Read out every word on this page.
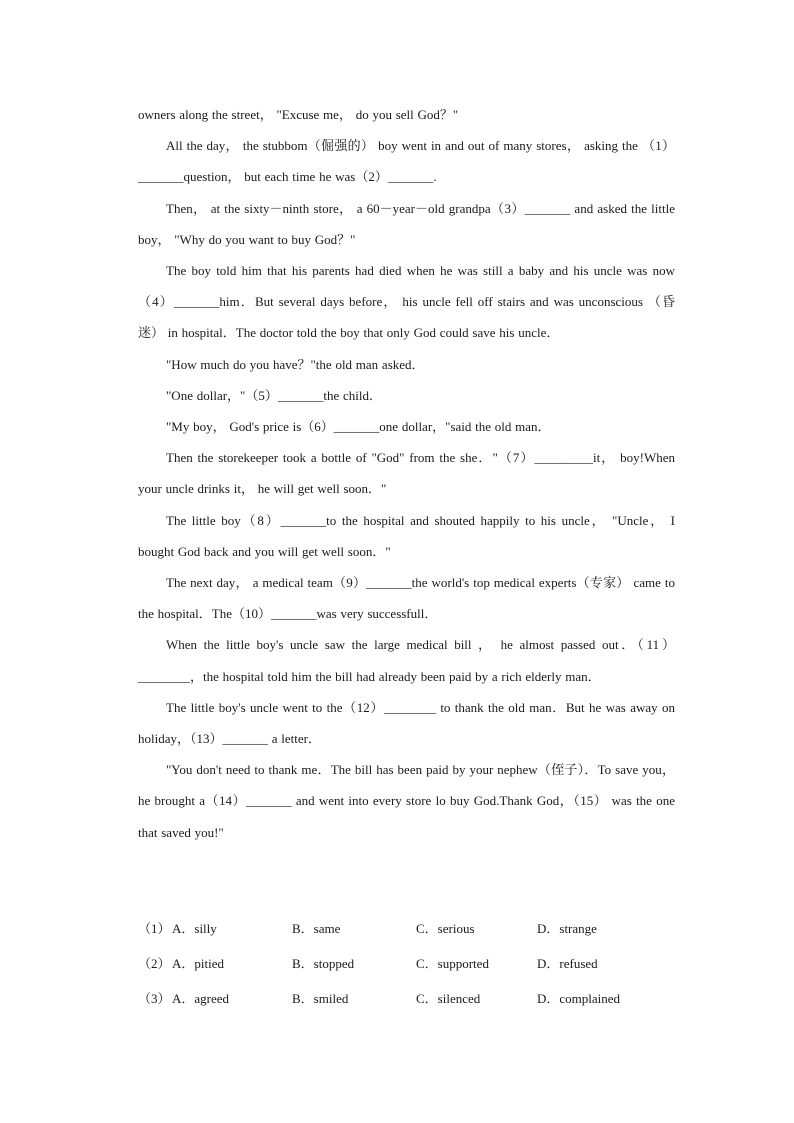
owners along the street， "Excuse me， do you sell God？"

All the day， the stubbom（倔强的） boy went in and out of many stores， asking the （1）_______question， but each time he was（2）_______.

Then， at the sixty－ninth store， a 60－year－old grandpa（3）_______ and asked the little boy， "Why do you want to buy God？"

The boy told him that his parents had died when he was still a baby and his uncle was now （4）_______him．But several days before， his uncle fell off stairs and was unconscious （昏迷） in hospital．The doctor told the boy that only God could save his uncle．

"How much do you have？"the old man asked．

"One dollar，"（5）_______the child．

"My boy， God's price is（6）_______one dollar，"said the old man．

Then the storekeeper took a bottle of "God" from the she．"（7）_________it， boy!When your uncle drinks it， he will get well soon．"

The little boy（8）_______to the hospital and shouted happily to his uncle， "Uncle， I bought God back and you will get well soon．"

The next day， a medical team（9）_______the world's top medical experts（专家） came to the hospital．The（10）_______was very successfull．

When the little boy's uncle saw the large medical bill ， he almost passed out．（11）________，the hospital told him the bill had already been paid by a rich elderly man．

The little boy's uncle went to the（12）________ to thank the old man．But he was away on holiday，（13）_______ a letter．

"You don't need to thank me．The bill has been paid by your nephew（侄子）．To save you， he brought a（14）_______ and went into every store lo buy God.Thank God，（15） was the one that saved you!"

（1） A．silly	B．same	C．serious	D．strange
（2） A．pitied	B．stopped	C．supported	D．refused
（3） A．agreed	B．smiled	C．silenced	D．complained
